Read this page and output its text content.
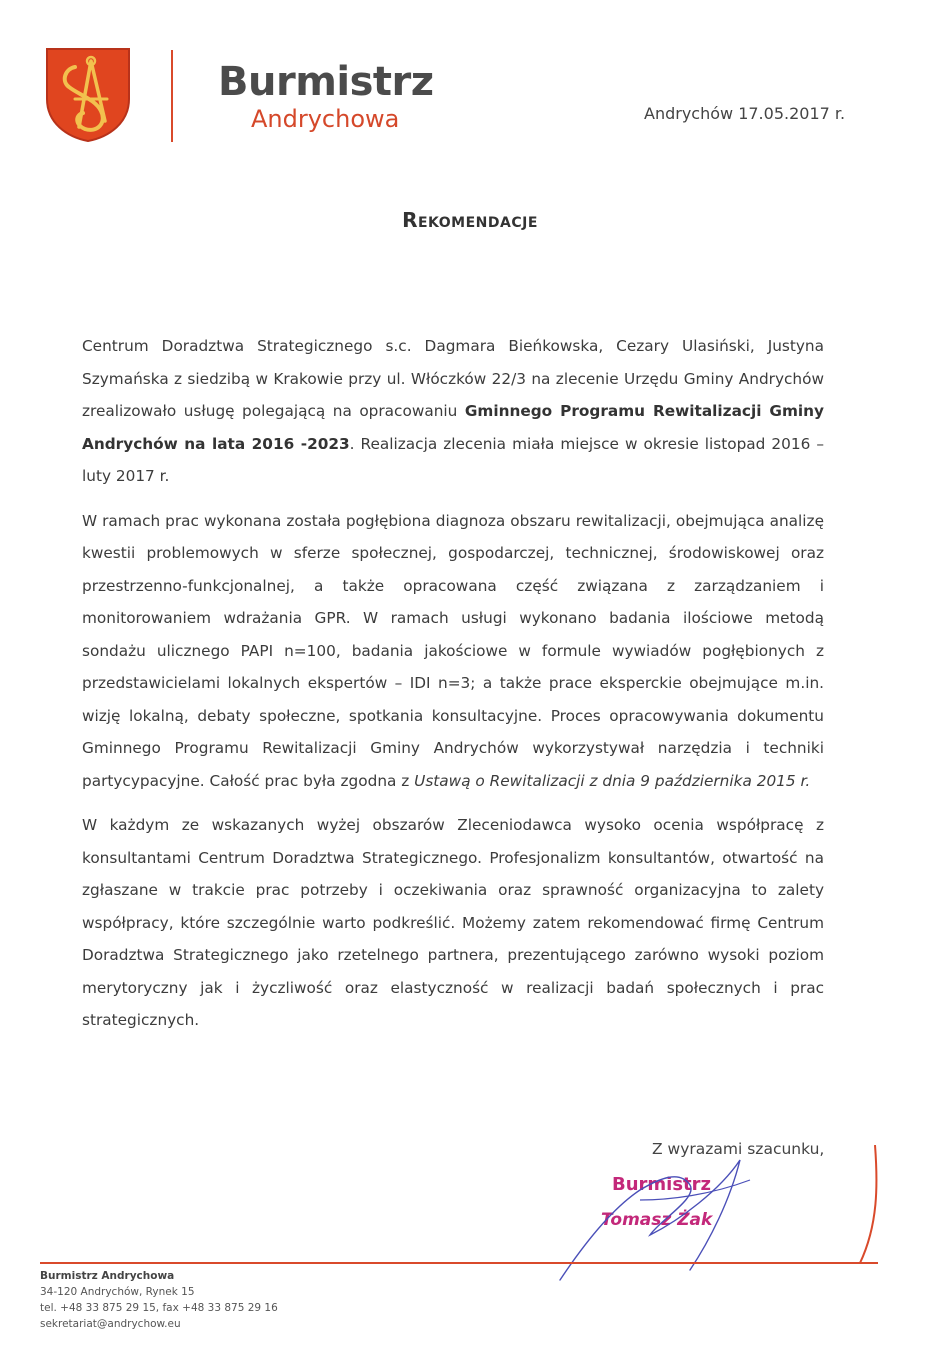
Burmistrz
Andrychowa	Andrychów 17.05.2017 r.
Rekomendacje

Centrum Doradztwa Strategicznego s.c. Dagmara Bieńkowska, Cezary Ulasiński, Justyna Szymańska z siedzibą w Krakowie przy ul. Włóczków 22/3 na zlecenie Urzędu Gminy Andrychów zrealizowało usługę polegającą na opracowaniu Gminnego Programu Rewitalizacji Gminy Andrychów na lata 2016 -2023. Realizacja zlecenia miała miejsce w okresie listopad 2016 – luty 2017 r.

W ramach prac wykonana została pogłębiona diagnoza obszaru rewitalizacji, obejmująca analizę kwestii problemowych w sferze społecznej, gospodarczej, technicznej, środowiskowej oraz przestrzenno-funkcjonalnej, a także opracowana część związana z zarządzaniem i monitorowaniem wdrażania GPR. W ramach usługi wykonano badania ilościowe metodą sondażu ulicznego PAPI n=100, badania jakościowe w formule wywiadów pogłębionych z przedstawicielami lokalnych ekspertów – IDI n=3; a także prace eksperckie obejmujące m.in. wizję lokalną, debaty społeczne, spotkania konsultacyjne. Proces opracowywania dokumentu Gminnego Programu Rewitalizacji Gminy Andrychów wykorzystywał narzędzia i techniki partycypacyjne. Całość prac była zgodna z Ustawą o Rewitalizacji z dnia 9 października 2015 r.

W każdym ze wskazanych wyżej obszarów Zleceniodawca wysoko ocenia współpracę z konsultantami Centrum Doradztwa Strategicznego. Profesjonalizm konsultantów, otwartość na zgłaszane w trakcie prac potrzeby i oczekiwania oraz sprawność organizacyjna to zalety współpracy, które szczególnie warto podkreślić. Możemy zatem rekomendować firmę Centrum Doradztwa Strategicznego jako rzetelnego partnera, prezentującego zarówno wysoki poziom merytoryczny jak i życzliwość oraz elastyczność w realizacji badań społecznych i prac strategicznych.

Z wyrazami szacunku,
Burmistrz
Tomasz Żak
Burmistrz Andrychowa
34-120 Andrychów, Rynek 15
tel. +48 33 875 29 15, fax +48 33 875 29 16
sekretariat@andrychow.eu
